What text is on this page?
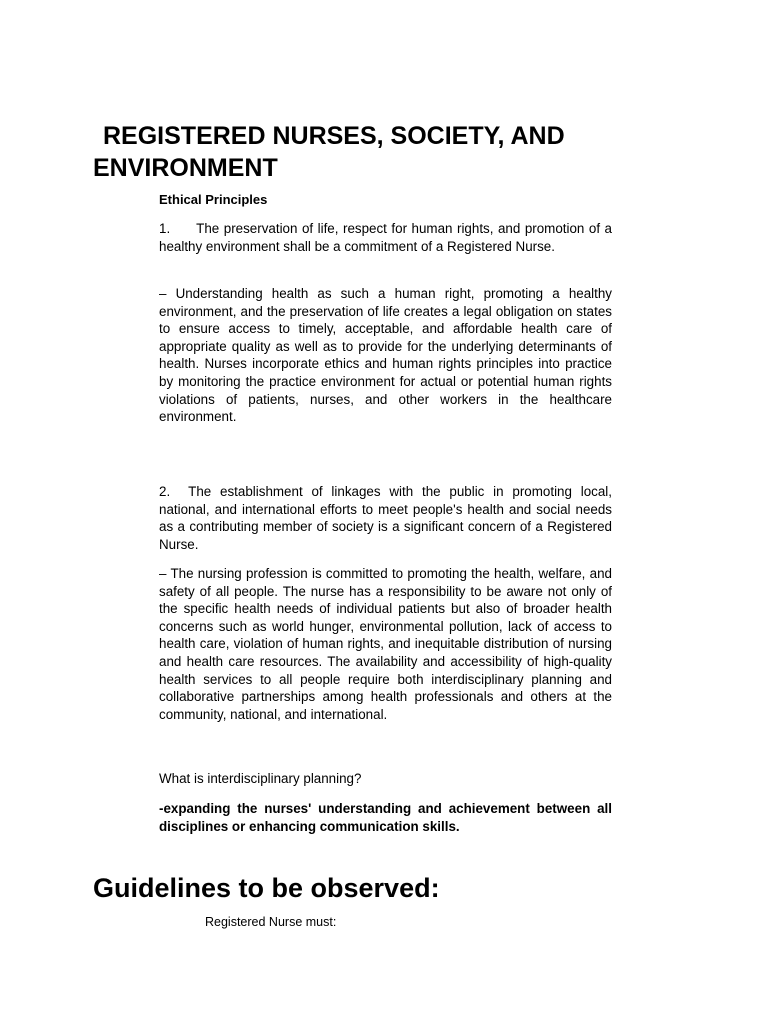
REGISTERED NURSES, SOCIETY, AND
ENVIRONMENT

Ethical Principles

1. The preservation of life, respect for human rights, and promotion of a healthy environment shall be a commitment of a Registered Nurse.

– Understanding health as such a human right, promoting a healthy environment, and the preservation of life creates a legal obligation on states to ensure access to timely, acceptable, and affordable health care of appropriate quality as well as to provide for the underlying determinants of health. Nurses incorporate ethics and human rights principles into practice by monitoring the practice environment for actual or potential human rights violations of patients, nurses, and other workers in the healthcare environment.

2. The establishment of linkages with the public in promoting local, national, and international efforts to meet people's health and social needs as a contributing member of society is a significant concern of a Registered Nurse.

– The nursing profession is committed to promoting the health, welfare, and safety of all people. The nurse has a responsibility to be aware not only of the specific health needs of individual patients but also of broader health concerns such as world hunger, environmental pollution, lack of access to health care, violation of human rights, and inequitable distribution of nursing and health care resources. The availability and accessibility of high-quality health services to all people require both interdisciplinary planning and collaborative partnerships among health professionals and others at the community, national, and international.

What is interdisciplinary planning?

-expanding the nurses' understanding and achievement between all disciplines or enhancing communication skills.

Guidelines to be observed:

Registered Nurse must:
